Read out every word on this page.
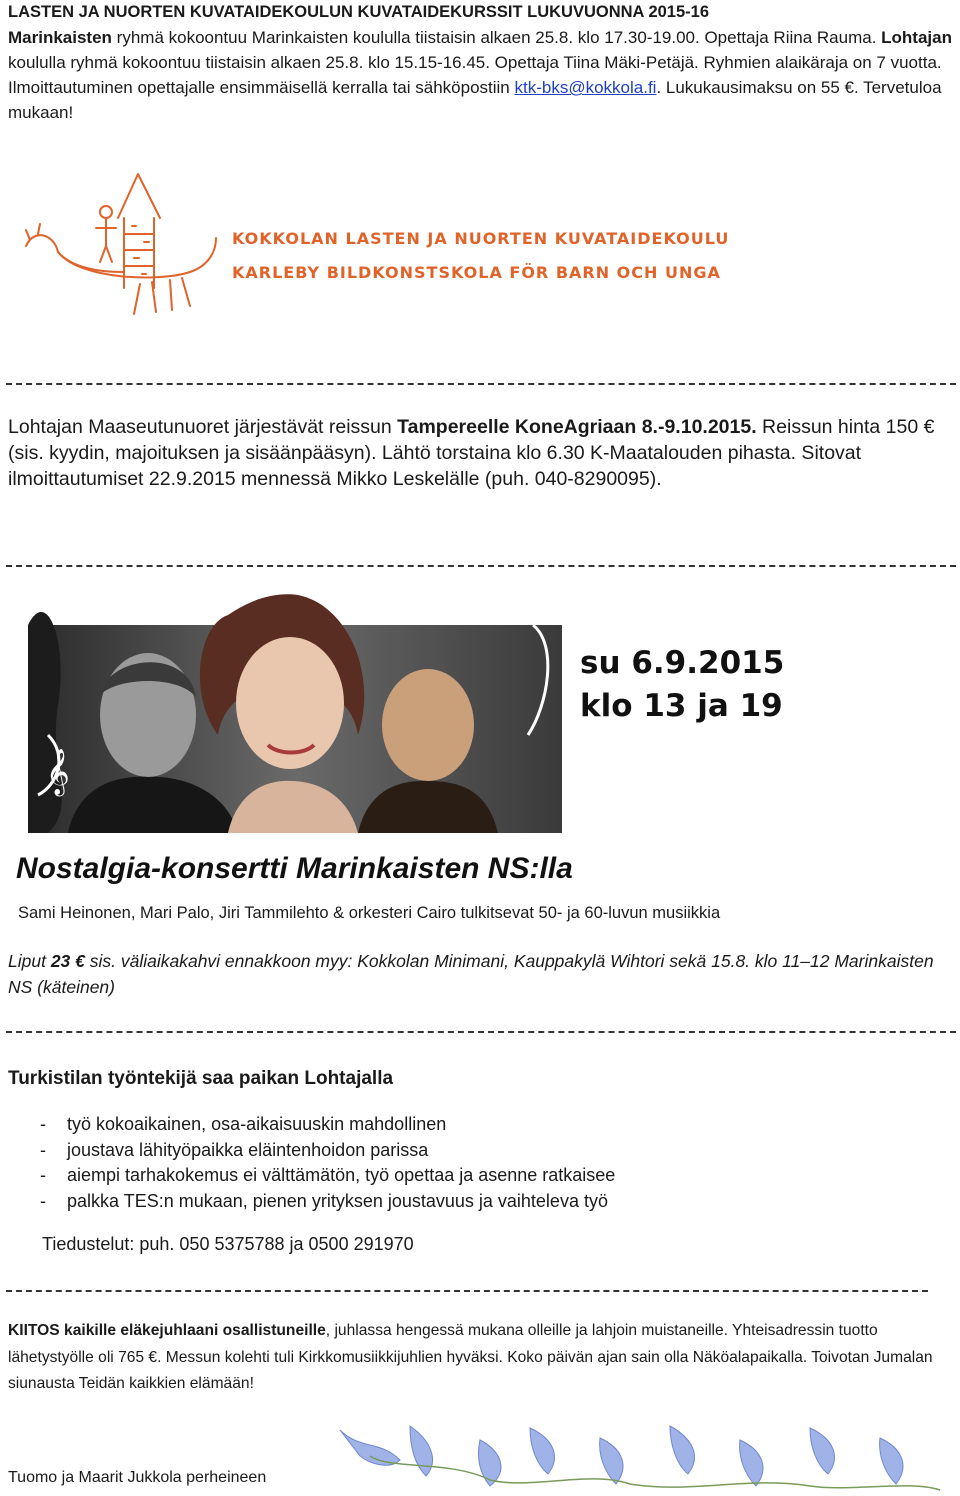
LASTEN JA NUORTEN KUVATAIDEKOULUN KUVATAIDEKURSSIT LUKUVUONNA 2015-16

Marinkaisten ryhmä kokoontuu Marinkaisten koululla tiistaisin alkaen 25.8. klo 17.30-19.00. Opettaja Riina Rauma. Lohtajan koululla ryhmä kokoontuu tiistaisin alkaen 25.8. klo 15.15-16.45. Opettaja Tiina Mäki-Petäjä. Ryhmien alaikäraja on 7 vuotta. Ilmoittautuminen opettajalle ensimmäisellä kerralla tai sähköpostiin ktk-bks@kokkola.fi. Lukukausimaksu on 55 €. Tervetuloa mukaan!

KOKKOLAN LASTEN JA NUORTEN KUVATAIDEKOULU
KARLEBY BILDKONSTSKOLA FÖR BARN OCH UNGA

Lohtajan Maaseutunuoret järjestävät reissun Tampereelle KoneAgriaan 8.-9.10.2015. Reissun hinta 150 € (sis. kyydin, majoituksen ja sisäänpääsyn). Lähtö torstaina klo 6.30 K-Maatalouden pihasta. Sitovat ilmoittautumiset 22.9.2015 mennessä Mikko Leskelälle (puh. 040-8290095).

𝄞
su 6.9.2015
klo 13 ja 19
Nostalgia-konsertti Marinkaisten NS:lla
Sami Heinonen, Mari Palo, Jiri Tammilehto & orkesteri Cairo tulkitsevat 50- ja 60-luvun musiikkia
Liput 23 € sis. väliaikakahvi ennakkoon myy: Kokkolan Minimani, Kauppakylä Wihtori sekä 15.8. klo 11–12 Marinkaisten NS (käteinen)
Turkistilan työntekijä saa paikan Lohtajalla
- työ kokoaikainen, osa-aikaisuuskin mahdollinen
- joustava lähityöpaikka eläintenhoidon parissa
- aiempi tarhakokemus ei välttämätön, työ opettaa ja asenne ratkaisee
- palkka TES:n mukaan, pienen yrityksen joustavuus ja vaihteleva työ
Tiedustelut: puh. 050 5375788 ja 0500 291970

KIITOS kaikille eläkejuhlaani osallistuneille, juhlassa hengessä mukana olleille ja lahjoin muistaneille. Yhteisadressin tuotto lähetystyölle oli 765 €. Messun kolehti tuli Kirkkomusiikkijuhlien hyväksi. Koko päivän ajan sain olla Näköalapaikalla. Toivotan Jumalan siunausta Teidän kaikkien elämään!

Tuomo ja Maarit Jukkola perheineen
